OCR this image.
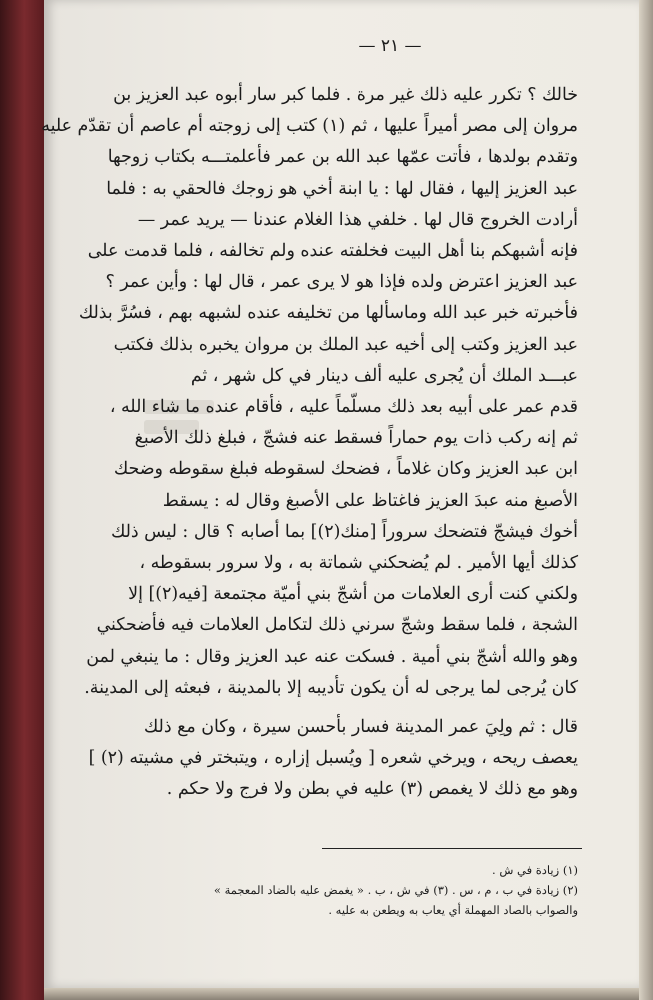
— ٢١ —
خالك ؟ تكرر عليه ذلك غير مرة . فلما كبر سار أبوه عبد العزيز بن
مروان إلى مصر أميراً عليها ، ثم (١) كتب إلى زوجته أم عاصم أن تقدّم عليه
وتقدم بولدها ، فأتت عمّها عبد الله بن عمر فأعلمتـــه بكتاب زوجها
عبد العزيز إليها ، فقال لها : يا ابنة أخي هو زوجك فالحقي به : فلما
أرادت الخروج قال لها . خلفي هذا الغلام عندنا — يريد عمر —
فإنه أشبهكم بنا أهل البيت فخلفته عنده ولم تخالفه ، فلما قدمت على
عبد العزيز اعترض ولده فإذا هو لا يرى عمر ، قال لها : وأين عمر ؟
فأخبرته خبر عبد الله وماسألها من تخليفه عنده لشبهه بهم ، فسُرَّ بذلك
عبد العزيز وكتب إلى أخيه عبد الملك بن مروان يخبره بذلك فكتب
عبـــد الملك أن يُجرى عليه ألف دينار في كل شهر ، ثم
قدم عمر على أبيه بعد ذلك مسلّماً عليه ، فأقام عنده ما شاء الله ،
ثم إنه ركب ذات يوم حماراً فسقط عنه فشجّ ، فبلغ ذلك الأصبغ
ابن عبد العزيز وكان غلاماً ، فضحك لسقوطه فبلغ سقوطه وضحك
الأصبغ منه عبدَ العزيز فاغتاظ على الأصبغ وقال له : يسقط
أخوك فيشجّ فتضحك سروراً [منك(٢)] بما أصابه ؟ قال : ليس ذلك
كذلك أيها الأمير . لم يُضحكني شماتة به ، ولا سرور بسقوطه ،
ولكني كنت أرى العلامات من أشجّ بني أميّة مجتمعة [فيه(٢)] إلا
الشجة ، فلما سقط وشجّ سرني ذلك لتكامل العلامات فيه فأضحكني
وهو والله أشجّ بني أمية . فسكت عنه عبد العزيز وقال : ما ينبغي لمن
كان يُرجى لما يرجى له أن يكون تأديبه إلا بالمدينة ، فبعثه إلى المدينة.
قال : ثم ولِيَ عمر المدينة فسار بأحسن سيرة ، وكان مع ذلك
يعصف ريحه ، ويرخي شعره [ ويُسبل إزاره ، ويتبختر في مشيته (٢) ]
وهو مع ذلك لا يغمص (٣) عليه في بطن ولا فرج ولا حكم .
(١) زيادة في ش .
(٢) زيادة في ب ، م ، س . (٣) في ش ، ب . « يغمض عليه بالضاد المعجمة »
والصواب بالصاد المهملة أي يعاب به ويطعن به عليه .
